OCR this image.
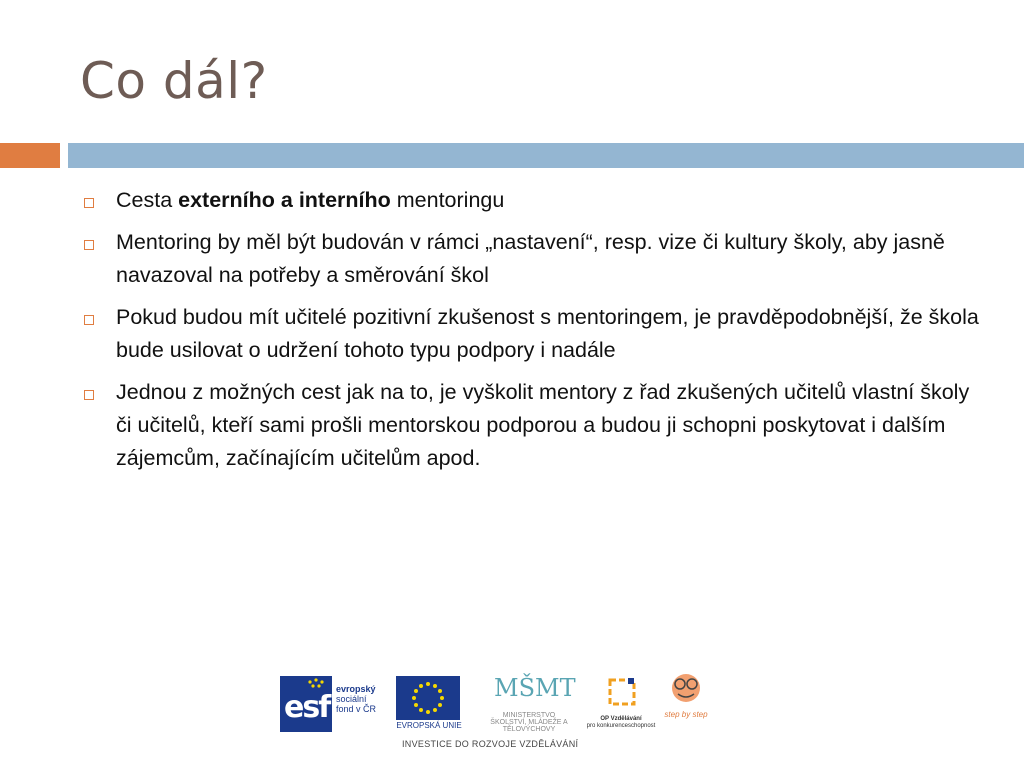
Co dál?
Cesta externího a interního mentoringu
Mentoring by měl být budován v rámci „nastavení“, resp. vize či kultury školy, aby jasně navazoval na potřeby a směrování škol
Pokud budou mít učitelé pozitivní zkušenost s mentoringem, je pravděpodobnější, že škola bude usilovat o udržení tohoto typu podpory i nadále
Jednou z možných cest jak na to, je vyškolit mentory z řad zkušených učitelů vlastní školy či učitelů, kteří sami prošli mentorskou podporou a budou ji schopni poskytovat i dalším zájemcům, začínajícím učitelům apod.
esf
evropský
sociální
fond v ČR
EVROPSKÁ UNIE
MŠMT
MINISTERSTVO ŠKOLSTVÍ, MLÁDEŽE A TĚLOVÝCHOVY
OP Vzdělávání
pro konkurenceschopnost
step by step
INVESTICE DO ROZVOJE VZDĚLÁVÁNÍ
